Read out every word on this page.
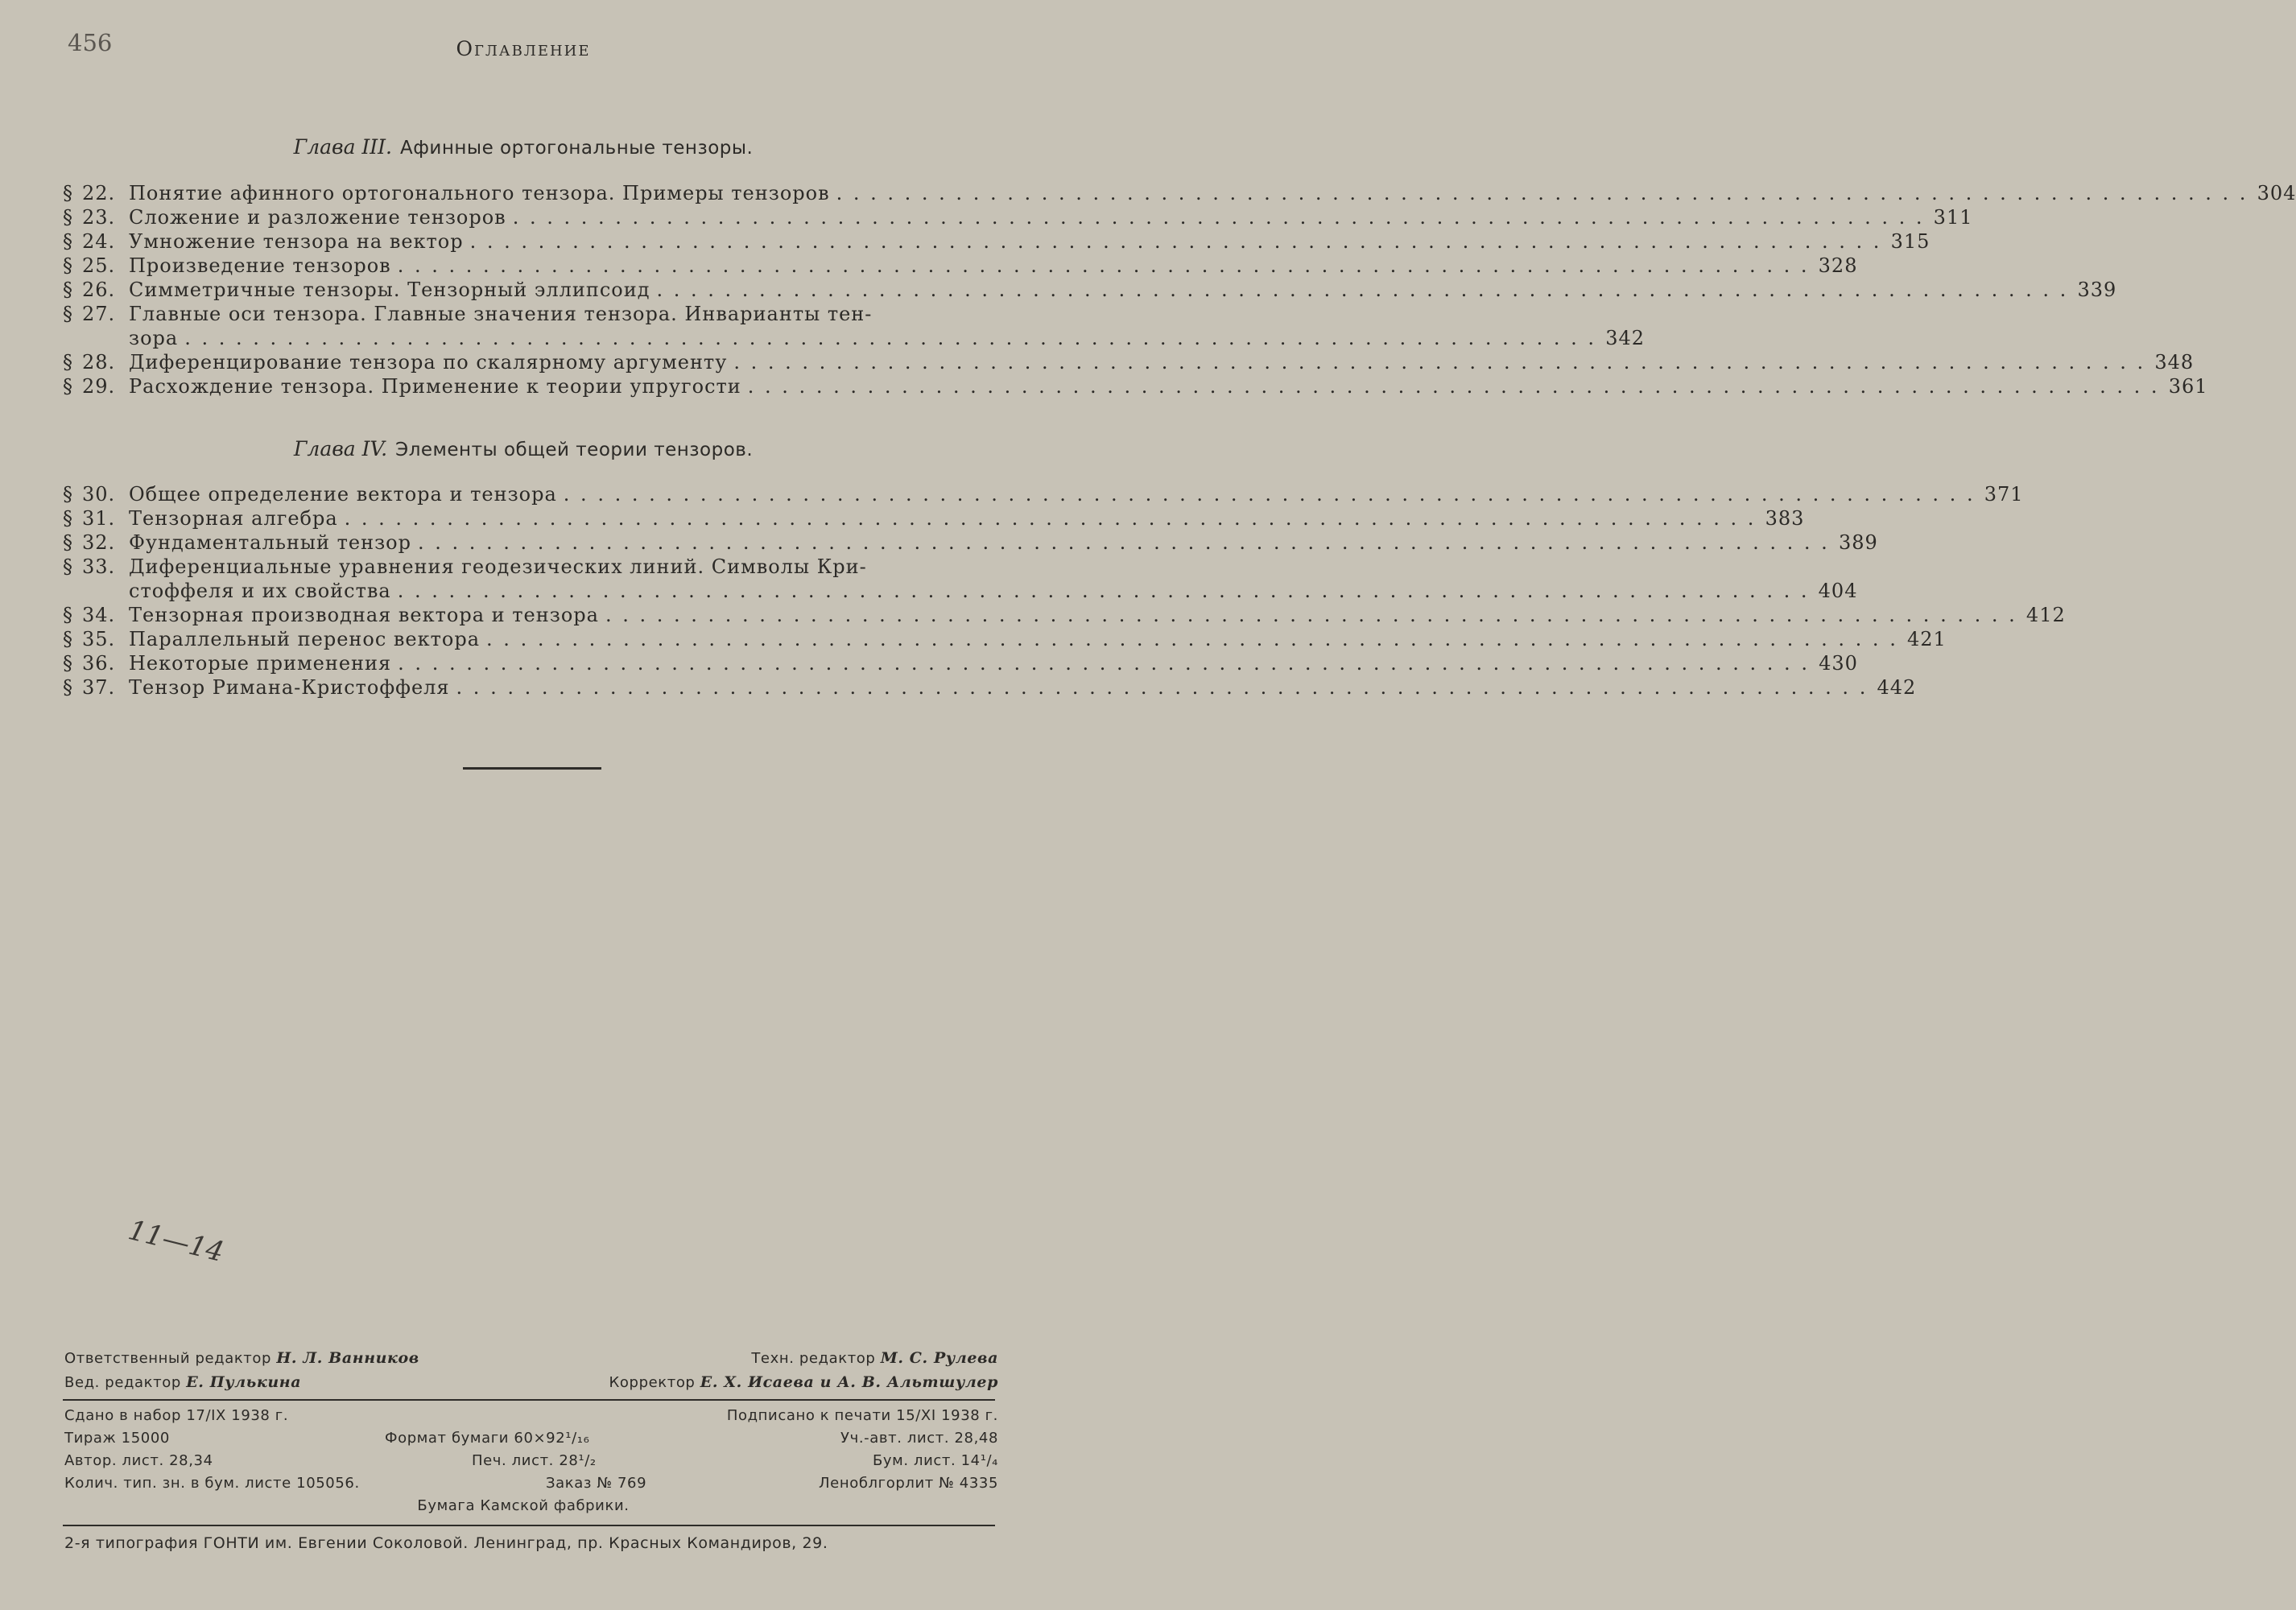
456	Оглавление
Глава III. Афинные ортогональные тензоры.
§ 22. Понятие афинного ортогонального тензора. Примеры тензоров . . .	304
§ 23. Сложение и разложение тензоров . . .	311
§ 24. Умножение тензора на вектор . . .	315
§ 25. Произведение тензоров . . .	328
§ 26. Симметричные тензоры. Тензорный эллипсоид . . .	339
§ 27. Главные оси тензора. Главные значения тензора. Инварианты тен-
зора . . .	342
§ 28. Диференцирование тензора по скалярному аргументу . . .	348
§ 29. Расхождение тензора. Применение к теории упругости . . .	361
Глава IV. Элементы общей теории тензоров.
§ 30. Общее определение вектора и тензора . . .	371
§ 31. Тензорная алгебра . . .	383
§ 32. Фундаментальный тензор . . .	389
§ 33. Диференциальные уравнения геодезических линий. Символы Кри-
стоффеля и их свойства . . .	404
§ 34. Тензорная производная вектора и тензора . . .	412
§ 35. Параллельный перенос вектора . . .	421
§ 36. Некоторые применения . . .	430
§ 37. Тензор Римана-Кристоффеля . . .	442
11—14
Ответственный редактор Н. Л. Ванников	Техн. редактор М. С. Рулева
Вед. редактор Е. Пулькина	Корректор Е. Х. Исаева и А. В. Альтшулер
Сдано в набор 17/IX 1938 г.	Подписано к печати 15/XI 1938 г.
Тираж 15000	Формат бумаги 60×92¹/₁₆	Уч.-авт. лист. 28,48
Автор. лист. 28,34	Печ. лист. 28¹/₂	Бум. лист. 14¹/₄
Колич. тип. зн. в бум. листе 105056.	Заказ № 769	Леноблгорлит № 4335
Бумага Камской фабрики.
2-я типография ГОНТИ им. Евгении Соколовой. Ленинград, пр. Красных Командиров, 29.
